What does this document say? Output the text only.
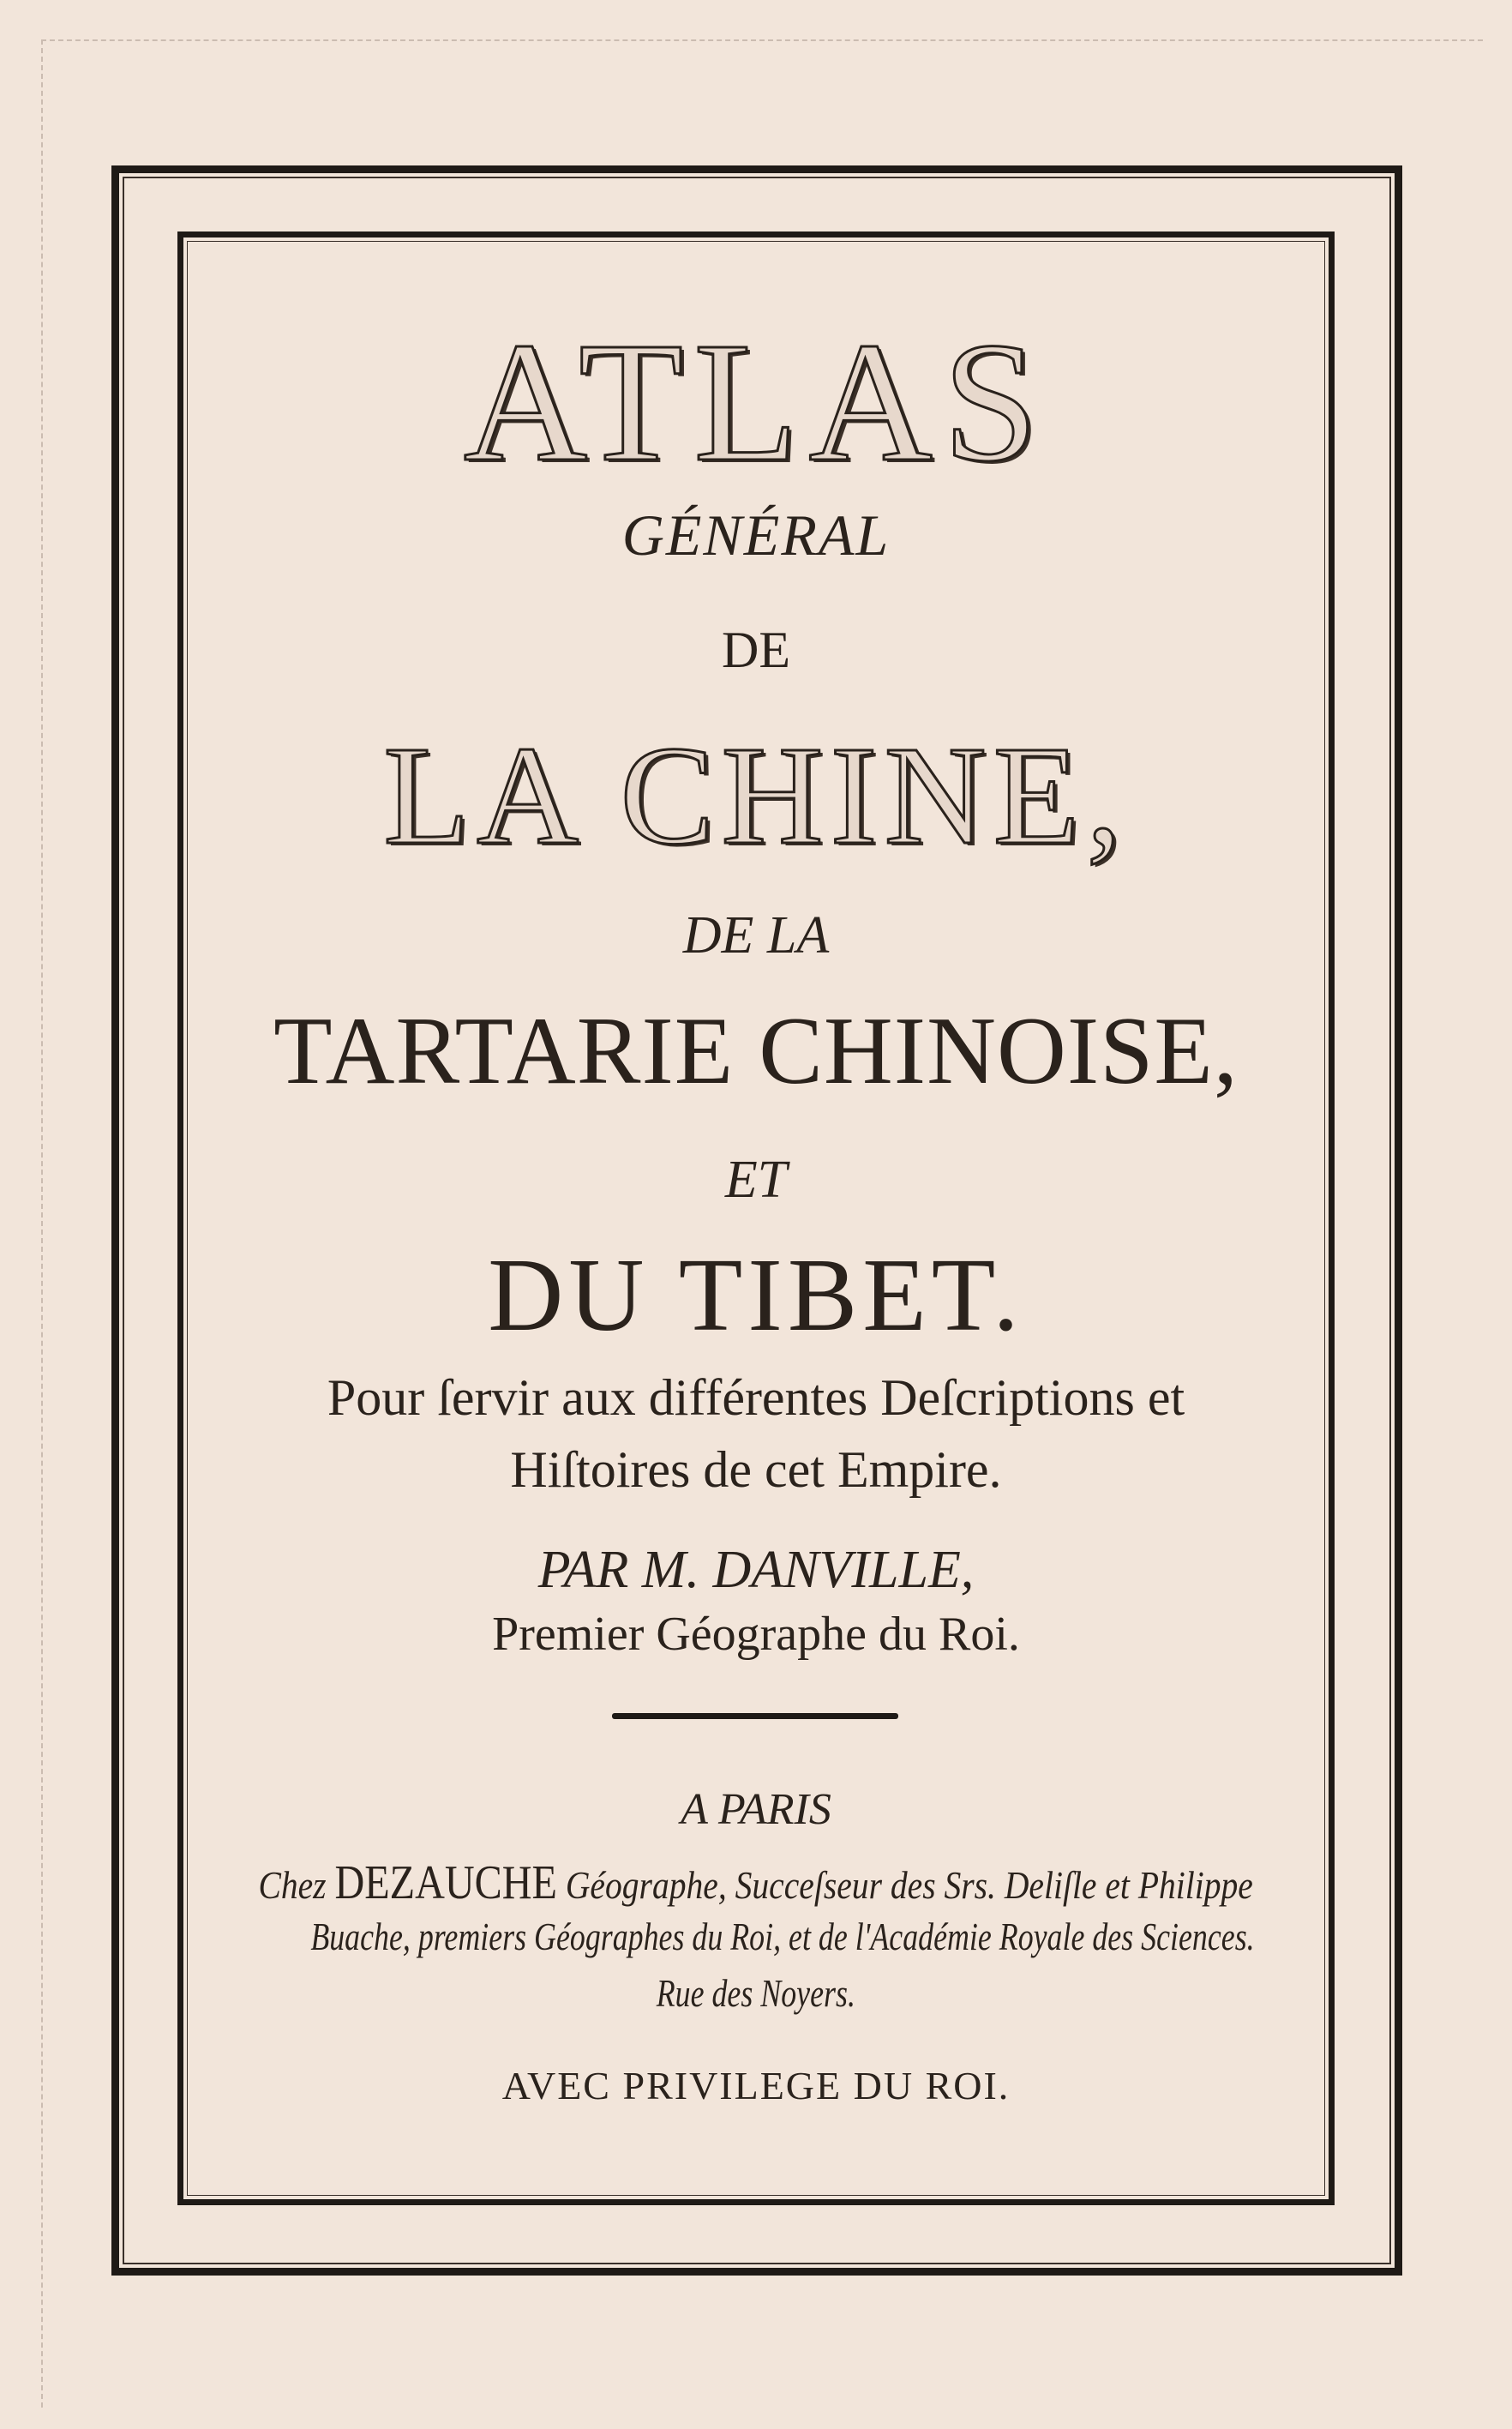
ATLAS
GÉNÉRAL
DE
LA CHINE,
DE LA
TARTARIE CHINOISE,
ET
DU TIBET.
Pour ſervir aux différentes Deſcriptions et
Hiſtoires de cet Empire.
PAR M. DANVILLE,
Premier Géographe du Roi.
A PARIS
Chez DEZAUCHE Géographe, Succeſseur des Srs. Deliſle et Philippe
Buache, premiers Géographes du Roi, et de l'Académie Royale des Sciences.
Rue des Noyers.
AVEC PRIVILEGE DU ROI.
